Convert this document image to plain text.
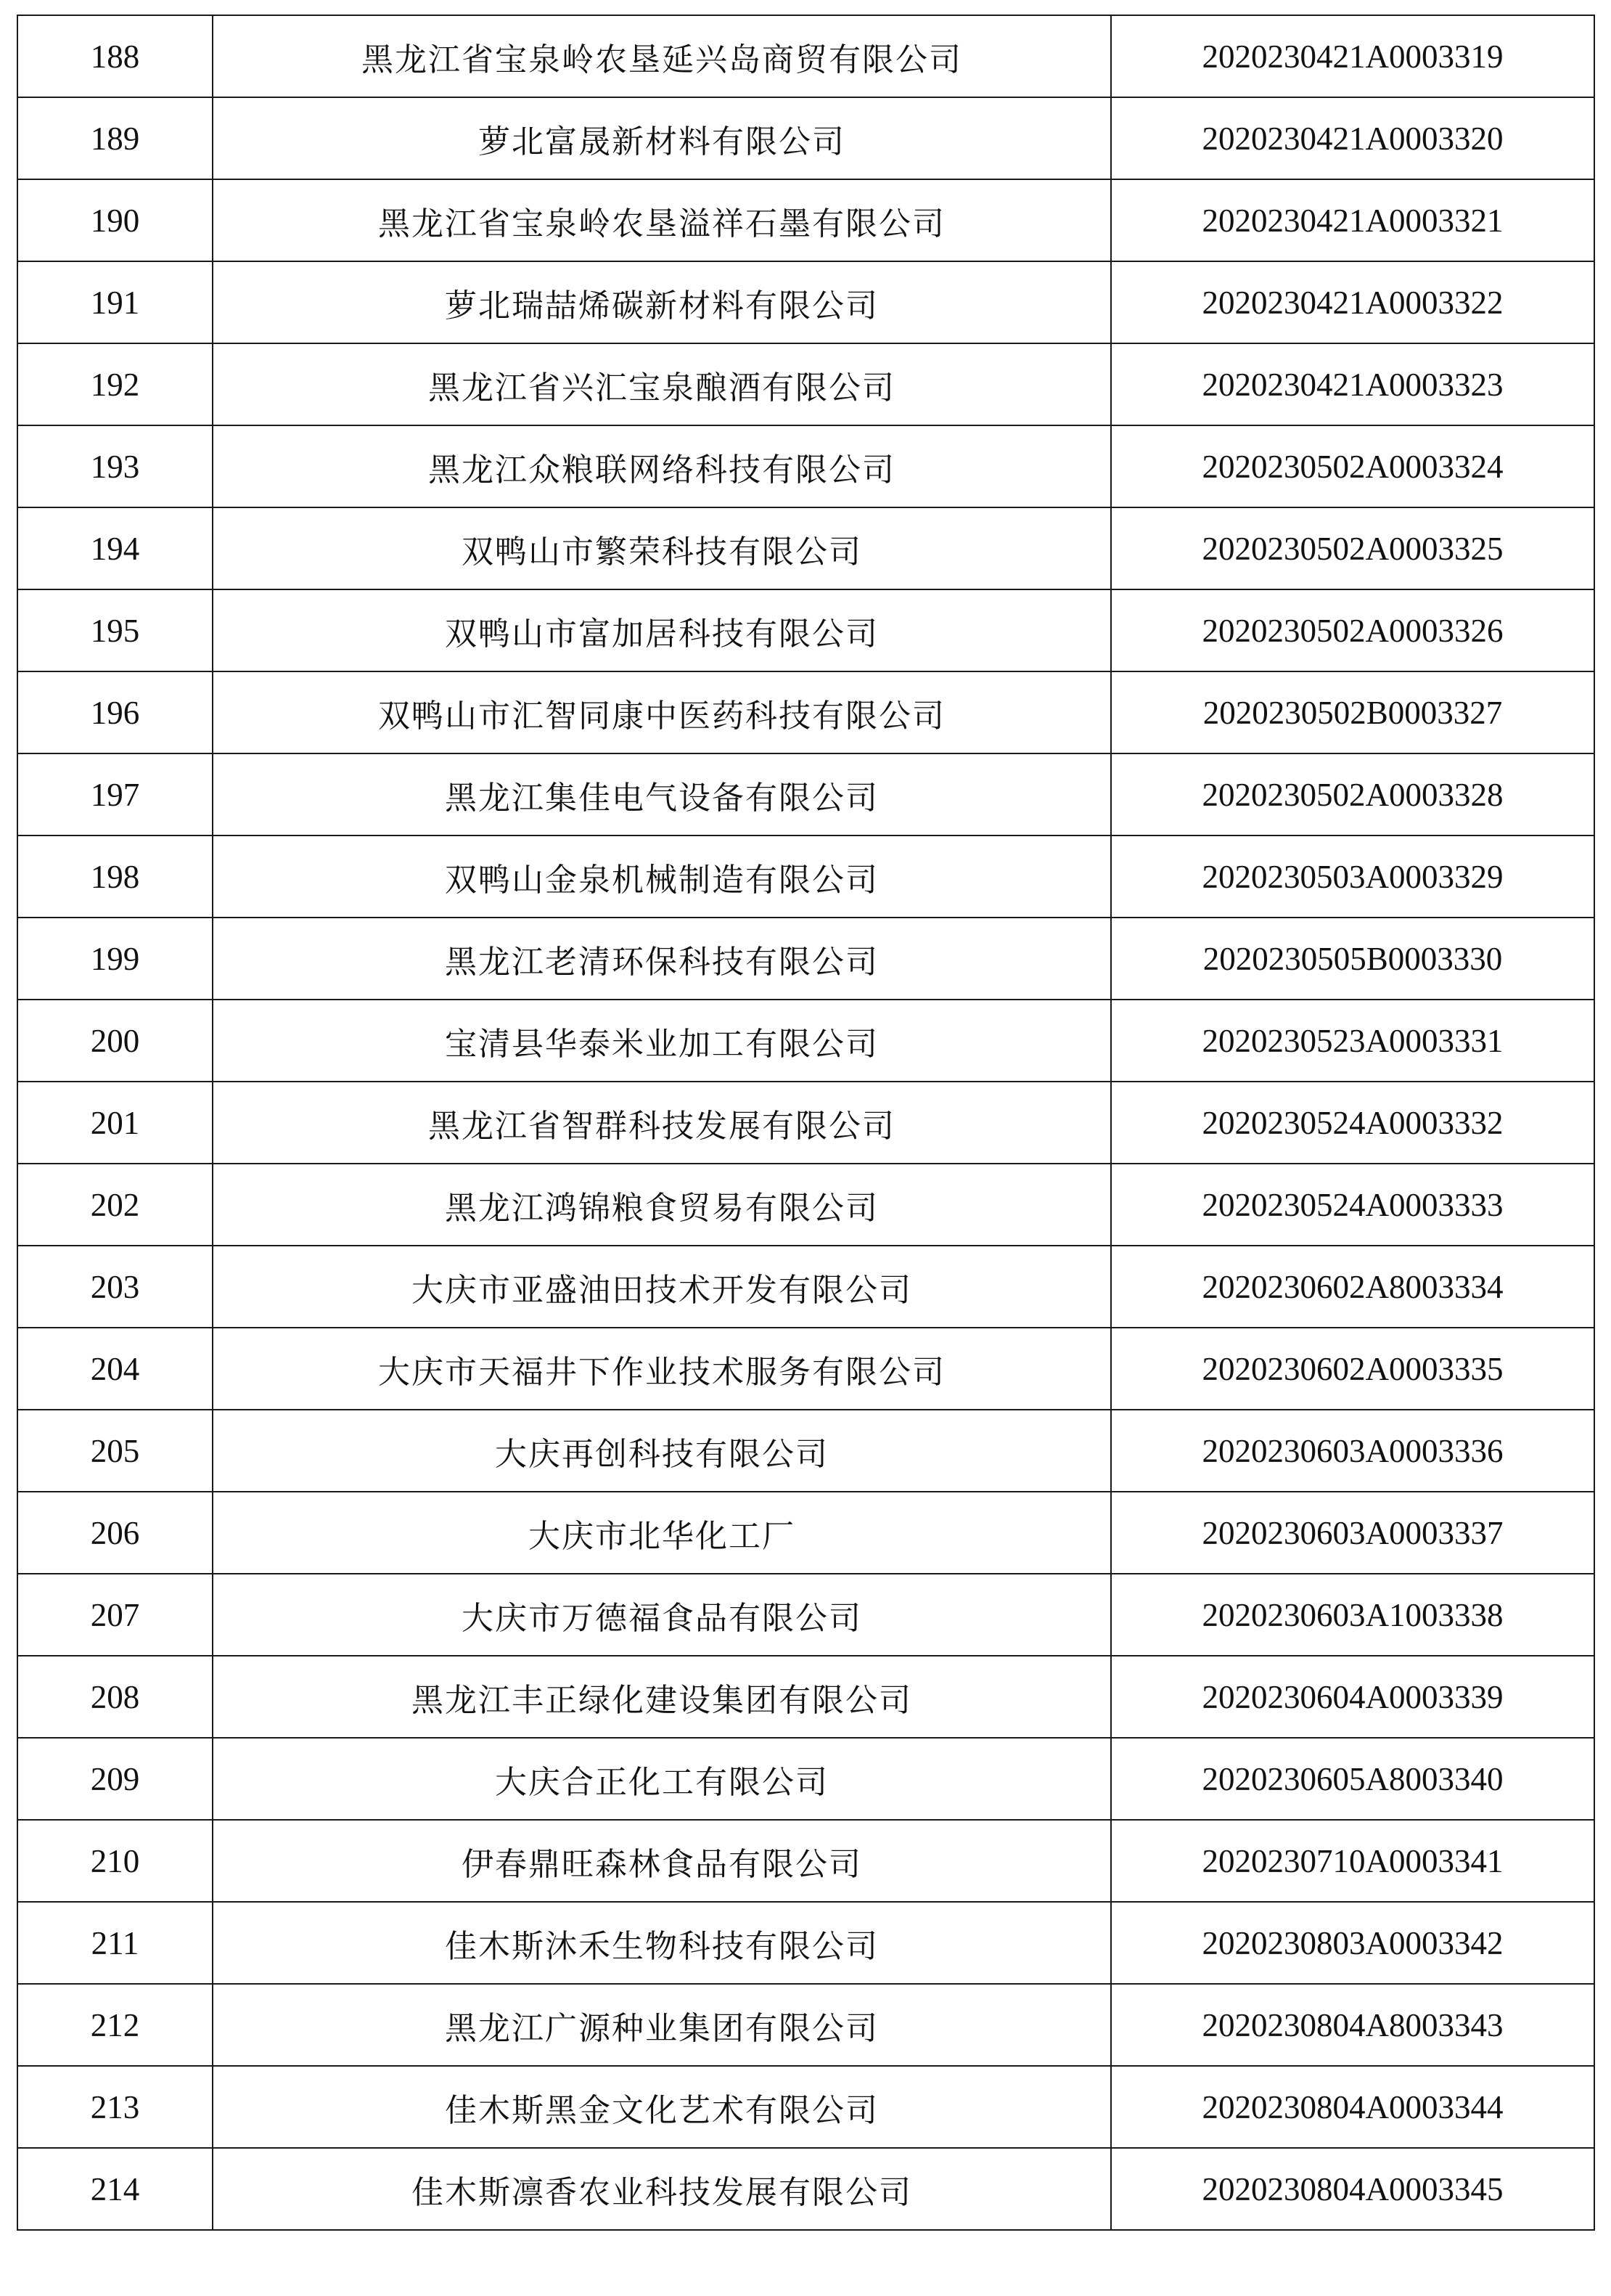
188	黑龙江省宝泉岭农垦延兴岛商贸有限公司	2020230421A0003319
189	萝北富晟新材料有限公司	2020230421A0003320
190	黑龙江省宝泉岭农垦溢祥石墨有限公司	2020230421A0003321
191	萝北瑞喆烯碳新材料有限公司	2020230421A0003322
192	黑龙江省兴汇宝泉酿酒有限公司	2020230421A0003323
193	黑龙江众粮联网络科技有限公司	2020230502A0003324
194	双鸭山市繁荣科技有限公司	2020230502A0003325
195	双鸭山市富加居科技有限公司	2020230502A0003326
196	双鸭山市汇智同康中医药科技有限公司	2020230502B0003327
197	黑龙江集佳电气设备有限公司	2020230502A0003328
198	双鸭山金泉机械制造有限公司	2020230503A0003329
199	黑龙江老清环保科技有限公司	2020230505B0003330
200	宝清县华泰米业加工有限公司	2020230523A0003331
201	黑龙江省智群科技发展有限公司	2020230524A0003332
202	黑龙江鸿锦粮食贸易有限公司	2020230524A0003333
203	大庆市亚盛油田技术开发有限公司	2020230602A8003334
204	大庆市天福井下作业技术服务有限公司	2020230602A0003335
205	大庆再创科技有限公司	2020230603A0003336
206	大庆市北华化工厂	2020230603A0003337
207	大庆市万德福食品有限公司	2020230603A1003338
208	黑龙江丰正绿化建设集团有限公司	2020230604A0003339
209	大庆合正化工有限公司	2020230605A8003340
210	伊春鼎旺森林食品有限公司	2020230710A0003341
211	佳木斯沐禾生物科技有限公司	2020230803A0003342
212	黑龙江广源种业集团有限公司	2020230804A8003343
213	佳木斯黑金文化艺术有限公司	2020230804A0003344
214	佳木斯凛香农业科技发展有限公司	2020230804A0003345
